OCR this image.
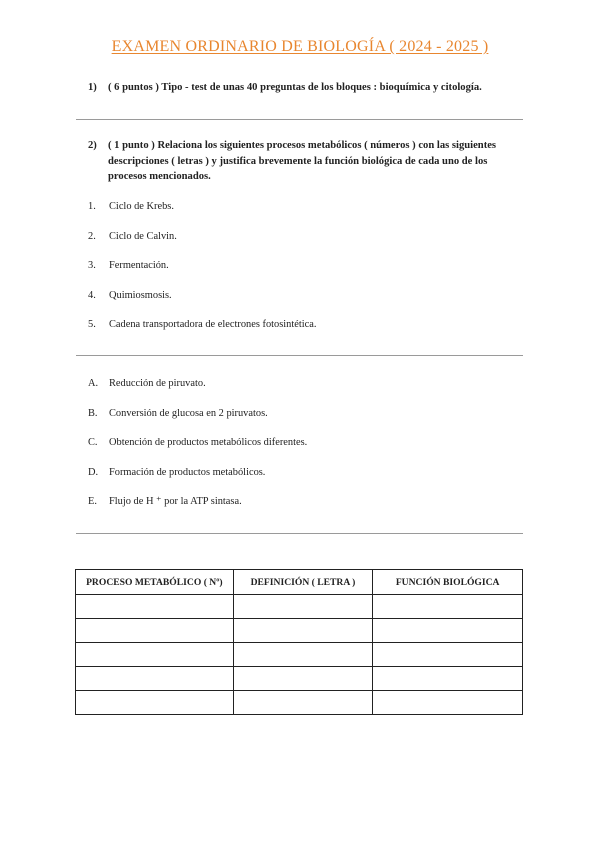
EXAMEN ORDINARIO DE BIOLOGÍA ( 2024 - 2025 )
1)	( 6 puntos ) Tipo - test de unas 40 preguntas de los bloques : bioquímica y citología.
2)	( 1 punto ) Relaciona los siguientes procesos metabólicos ( números ) con las siguientes descripciones ( letras ) y justifica brevemente la función biológica de cada uno de los procesos mencionados.
1. Ciclo de Krebs.
2. Ciclo de Calvin.
3. Fermentación.
4. Quimiosmosis.
5. Cadena transportadora de electrones fotosintética.
A. Reducción de piruvato.
B. Conversión de glucosa en 2 piruvatos.
C. Obtención de productos metabólicos diferentes.
D. Formación de productos metabólicos.
E. Flujo de H ⁺ por la ATP sintasa.
PROCESO METABÓLICO ( Nº)	DEFINICIÓN ( LETRA )	FUNCIÓN BIOLÓGICA
